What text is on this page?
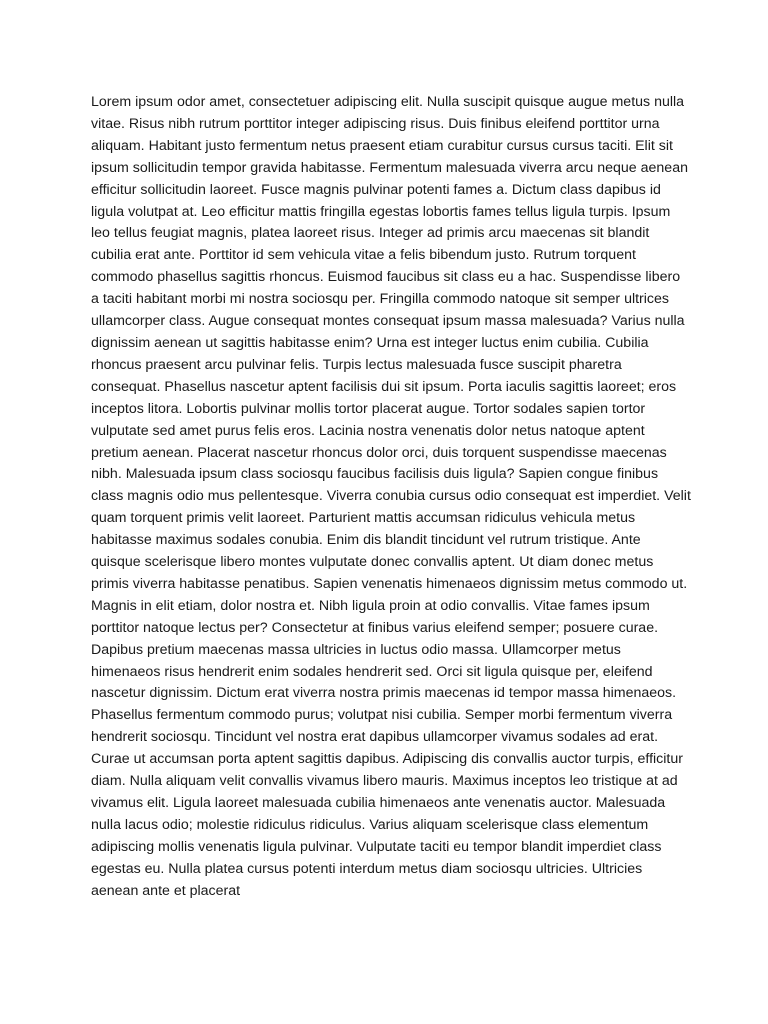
Lorem ipsum odor amet, consectetuer adipiscing elit. Nulla suscipit quisque augue metus nulla vitae. Risus nibh rutrum porttitor integer adipiscing risus. Duis finibus eleifend porttitor urna aliquam. Habitant justo fermentum netus praesent etiam curabitur cursus cursus taciti. Elit sit ipsum sollicitudin tempor gravida habitasse. Fermentum malesuada viverra arcu neque aenean efficitur sollicitudin laoreet. Fusce magnis pulvinar potenti fames a. Dictum class dapibus id ligula volutpat at. Leo efficitur mattis fringilla egestas lobortis fames tellus ligula turpis. Ipsum leo tellus feugiat magnis, platea laoreet risus. Integer ad primis arcu maecenas sit blandit cubilia erat ante. Porttitor id sem vehicula vitae a felis bibendum justo. Rutrum torquent commodo phasellus sagittis rhoncus. Euismod faucibus sit class eu a hac. Suspendisse libero a taciti habitant morbi mi nostra sociosqu per. Fringilla commodo natoque sit semper ultrices ullamcorper class. Augue consequat montes consequat ipsum massa malesuada? Varius nulla dignissim aenean ut sagittis habitasse enim? Urna est integer luctus enim cubilia. Cubilia rhoncus praesent arcu pulvinar felis. Turpis lectus malesuada fusce suscipit pharetra consequat. Phasellus nascetur aptent facilisis dui sit ipsum. Porta iaculis sagittis laoreet; eros inceptos litora. Lobortis pulvinar mollis tortor placerat augue. Tortor sodales sapien tortor vulputate sed amet purus felis eros. Lacinia nostra venenatis dolor netus natoque aptent pretium aenean. Placerat nascetur rhoncus dolor orci, duis torquent suspendisse maecenas nibh. Malesuada ipsum class sociosqu faucibus facilisis duis ligula? Sapien congue finibus class magnis odio mus pellentesque. Viverra conubia cursus odio consequat est imperdiet. Velit quam torquent primis velit laoreet. Parturient mattis accumsan ridiculus vehicula metus habitasse maximus sodales conubia. Enim dis blandit tincidunt vel rutrum tristique. Ante quisque scelerisque libero montes vulputate donec convallis aptent. Ut diam donec metus primis viverra habitasse penatibus. Sapien venenatis himenaeos dignissim metus commodo ut. Magnis in elit etiam, dolor nostra et. Nibh ligula proin at odio convallis. Vitae fames ipsum porttitor natoque lectus per? Consectetur at finibus varius eleifend semper; posuere curae. Dapibus pretium maecenas massa ultricies in luctus odio massa. Ullamcorper metus himenaeos risus hendrerit enim sodales hendrerit sed. Orci sit ligula quisque per, eleifend nascetur dignissim. Dictum erat viverra nostra primis maecenas id tempor massa himenaeos. Phasellus fermentum commodo purus; volutpat nisi cubilia. Semper morbi fermentum viverra hendrerit sociosqu. Tincidunt vel nostra erat dapibus ullamcorper vivamus sodales ad erat. Curae ut accumsan porta aptent sagittis dapibus. Adipiscing dis convallis auctor turpis, efficitur diam. Nulla aliquam velit convallis vivamus libero mauris. Maximus inceptos leo tristique at ad vivamus elit. Ligula laoreet malesuada cubilia himenaeos ante venenatis auctor. Malesuada nulla lacus odio; molestie ridiculus ridiculus. Varius aliquam scelerisque class elementum adipiscing mollis venenatis ligula pulvinar. Vulputate taciti eu tempor blandit imperdiet class egestas eu. Nulla platea cursus potenti interdum metus diam sociosqu ultricies. Ultricies aenean ante et placerat
